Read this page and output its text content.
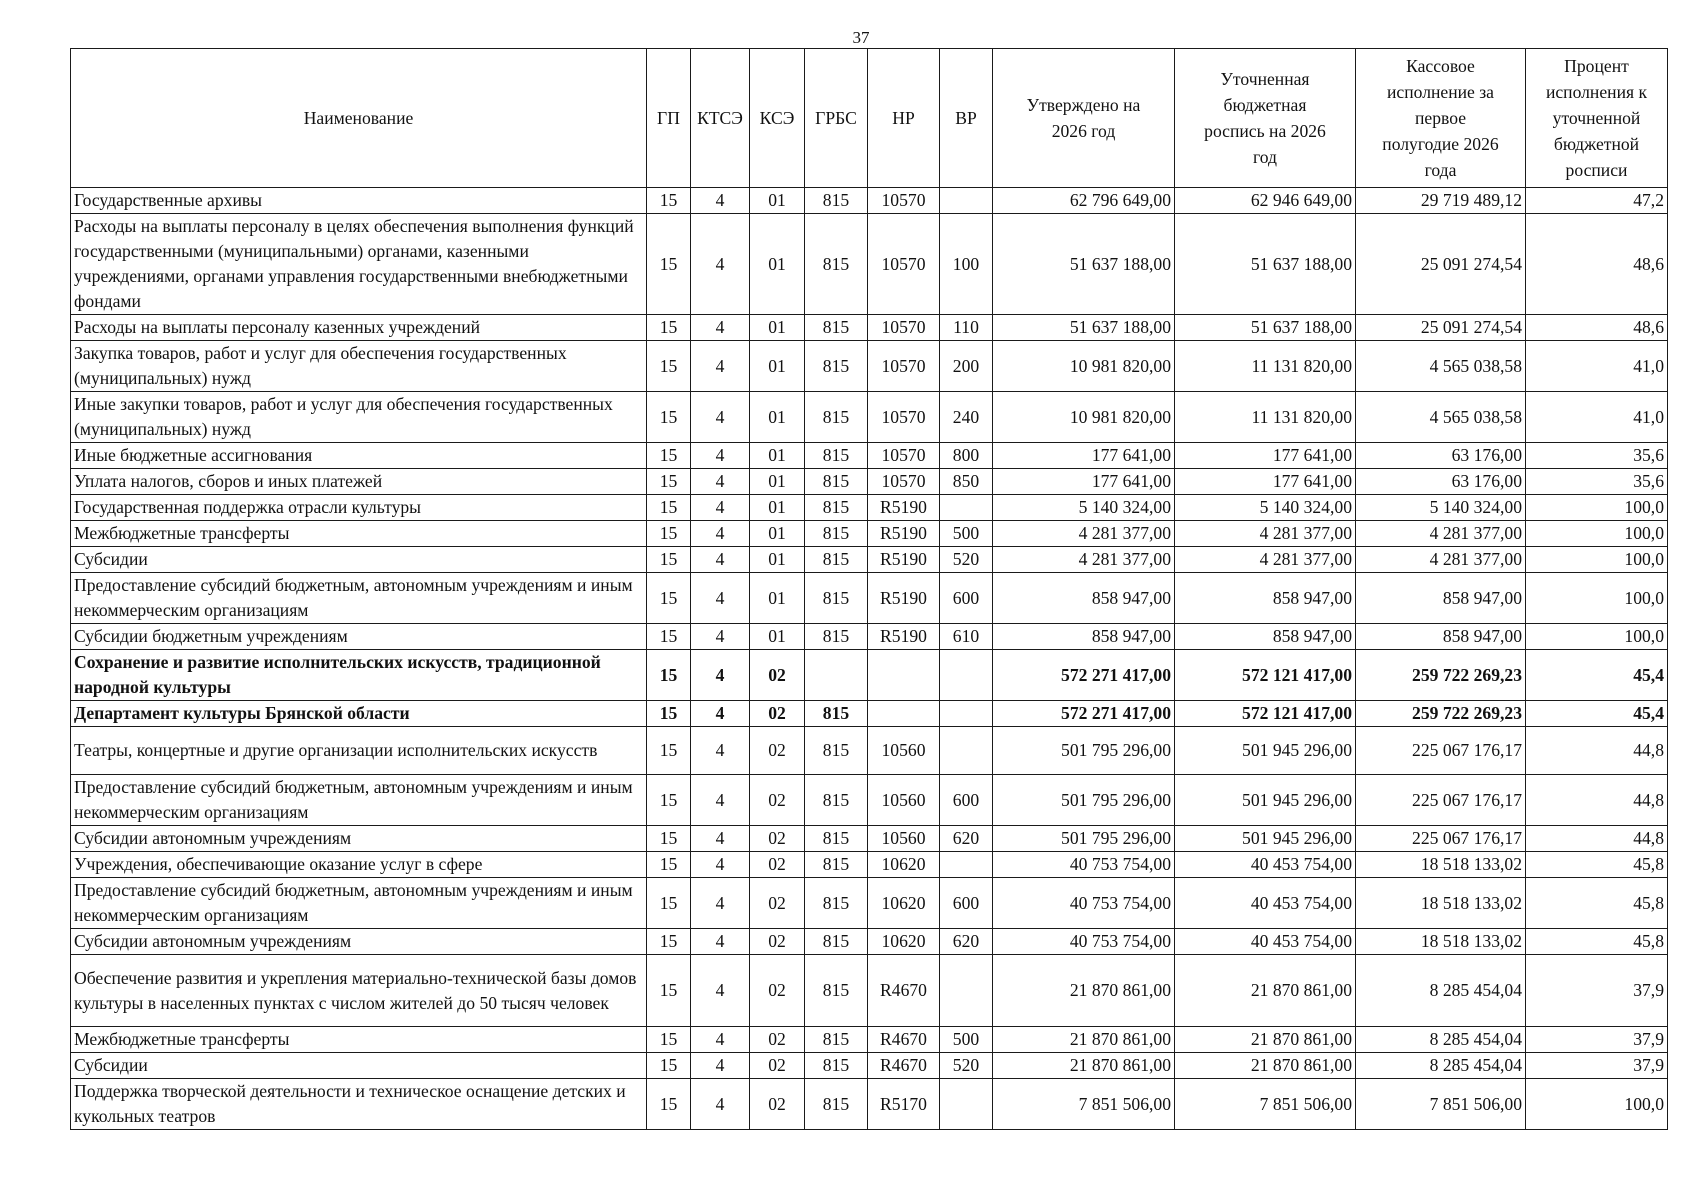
37
Наименование	ГП	КТСЭ	КСЭ	ГРБС	НР	ВР	Утверждено на 2026 год	Уточненная бюджетная роспись на 2026 год	Кассовое исполнение за первое полугодие 2026 года	Процент исполнения к уточненной бюджетной росписи
Государственные архивы	15	4	01	815	10570		62 796 649,00	62 946 649,00	29 719 489,12	47,2
Расходы на выплаты персоналу в целях обеспечения выполнения функций государственными (муниципальными) органами, казенными учреждениями, органами управления государственными внебюджетными фондами	15	4	01	815	10570	100	51 637 188,00	51 637 188,00	25 091 274,54	48,6
Расходы на выплаты персоналу казенных учреждений	15	4	01	815	10570	110	51 637 188,00	51 637 188,00	25 091 274,54	48,6
Закупка товаров, работ и услуг для обеспечения государственных (муниципальных) нужд	15	4	01	815	10570	200	10 981 820,00	11 131 820,00	4 565 038,58	41,0
Иные закупки товаров, работ и услуг для обеспечения государственных (муниципальных) нужд	15	4	01	815	10570	240	10 981 820,00	11 131 820,00	4 565 038,58	41,0
Иные бюджетные ассигнования	15	4	01	815	10570	800	177 641,00	177 641,00	63 176,00	35,6
Уплата налогов, сборов и иных платежей	15	4	01	815	10570	850	177 641,00	177 641,00	63 176,00	35,6
Государственная поддержка отрасли культуры	15	4	01	815	R5190		5 140 324,00	5 140 324,00	5 140 324,00	100,0
Межбюджетные трансферты	15	4	01	815	R5190	500	4 281 377,00	4 281 377,00	4 281 377,00	100,0
Субсидии	15	4	01	815	R5190	520	4 281 377,00	4 281 377,00	4 281 377,00	100,0
Предоставление субсидий бюджетным, автономным учреждениям и иным некоммерческим организациям	15	4	01	815	R5190	600	858 947,00	858 947,00	858 947,00	100,0
Субсидии бюджетным учреждениям	15	4	01	815	R5190	610	858 947,00	858 947,00	858 947,00	100,0
Сохранение и развитие исполнительских искусств, традиционной народной культуры	15	4	02				572 271 417,00	572 121 417,00	259 722 269,23	45,4
Департамент культуры Брянской области	15	4	02	815			572 271 417,00	572 121 417,00	259 722 269,23	45,4
Театры, концертные и другие организации исполнительских искусств	15	4	02	815	10560		501 795 296,00	501 945 296,00	225 067 176,17	44,8
Предоставление субсидий бюджетным, автономным учреждениям и иным некоммерческим организациям	15	4	02	815	10560	600	501 795 296,00	501 945 296,00	225 067 176,17	44,8
Субсидии автономным учреждениям	15	4	02	815	10560	620	501 795 296,00	501 945 296,00	225 067 176,17	44,8
Учреждения, обеспечивающие оказание услуг в сфере	15	4	02	815	10620		40 753 754,00	40 453 754,00	18 518 133,02	45,8
Предоставление субсидий бюджетным, автономным учреждениям и иным некоммерческим организациям	15	4	02	815	10620	600	40 753 754,00	40 453 754,00	18 518 133,02	45,8
Субсидии автономным учреждениям	15	4	02	815	10620	620	40 753 754,00	40 453 754,00	18 518 133,02	45,8
Обеспечение развития и укрепления материально-технической базы домов культуры в населенных пунктах с числом жителей до 50 тысяч человек	15	4	02	815	R4670		21 870 861,00	21 870 861,00	8 285 454,04	37,9
Межбюджетные трансферты	15	4	02	815	R4670	500	21 870 861,00	21 870 861,00	8 285 454,04	37,9
Субсидии	15	4	02	815	R4670	520	21 870 861,00	21 870 861,00	8 285 454,04	37,9
Поддержка творческой деятельности и техническое оснащение детских и кукольных театров	15	4	02	815	R5170		7 851 506,00	7 851 506,00	7 851 506,00	100,0
